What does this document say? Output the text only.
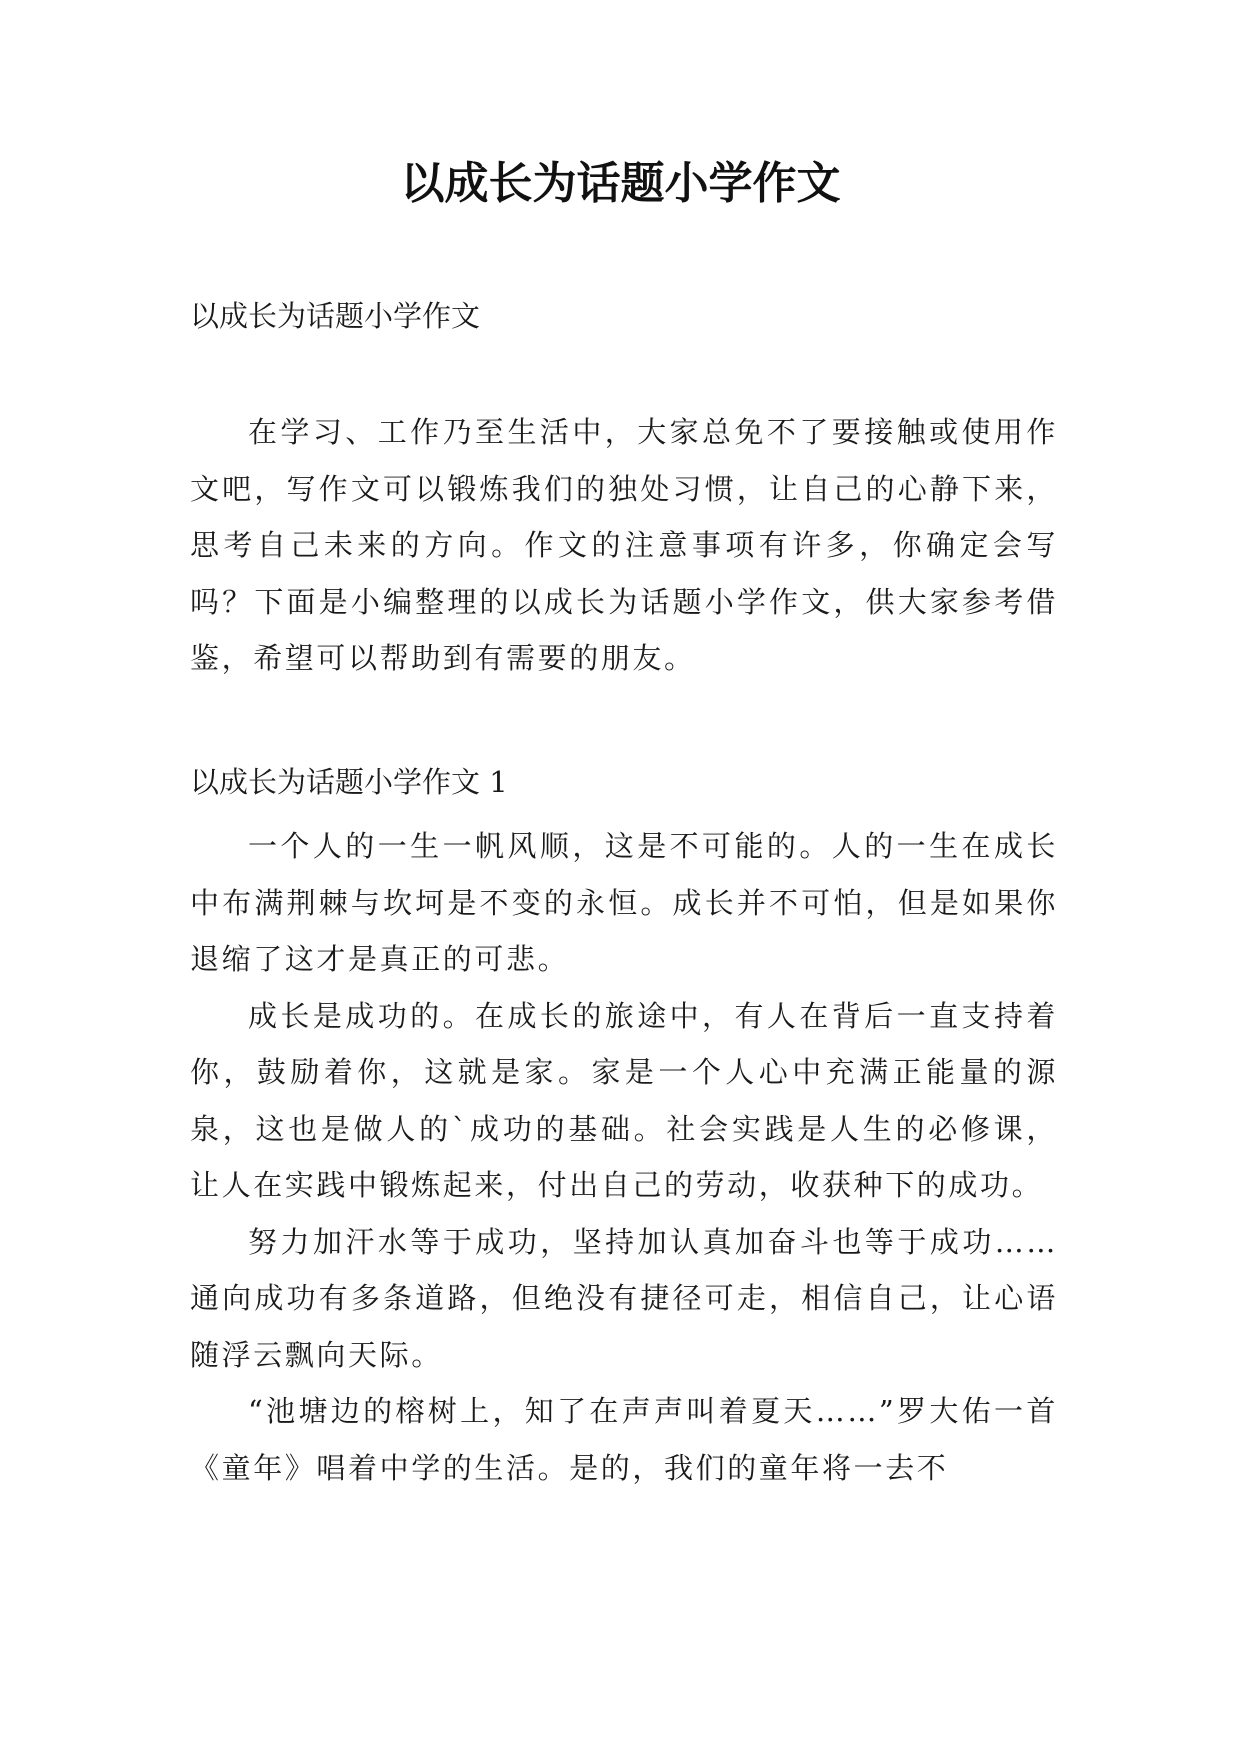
以成长为话题小学作文

以成长为话题小学作文

在学习、工作乃至生活中，大家总免不了要接触或使用作文吧，写作文可以锻炼我们的独处习惯，让自己的心静下来，思考自己未来的方向。作文的注意事项有许多，你确定会写吗？下面是小编整理的以成长为话题小学作文，供大家参考借鉴，希望可以帮助到有需要的朋友。

以成长为话题小学作文 1

一个人的一生一帆风顺，这是不可能的。人的一生在成长中布满荆棘与坎坷是不变的永恒。成长并不可怕，但是如果你退缩了这才是真正的可悲。

成长是成功的。在成长的旅途中，有人在背后一直支持着你，鼓励着你，这就是家。家是一个人心中充满正能量的源泉，这也是做人的`成功的基础。社会实践是人生的必修课，让人在实践中锻炼起来，付出自己的劳动，收获种下的成功。

努力加汗水等于成功，坚持加认真加奋斗也等于成功……通向成功有多条道路，但绝没有捷径可走，相信自己，让心语随浮云飘向天际。

“池塘边的榕树上，知了在声声叫着夏天……”罗大佑一首《童年》唱着中学的生活。是的，我们的童年将一去不
